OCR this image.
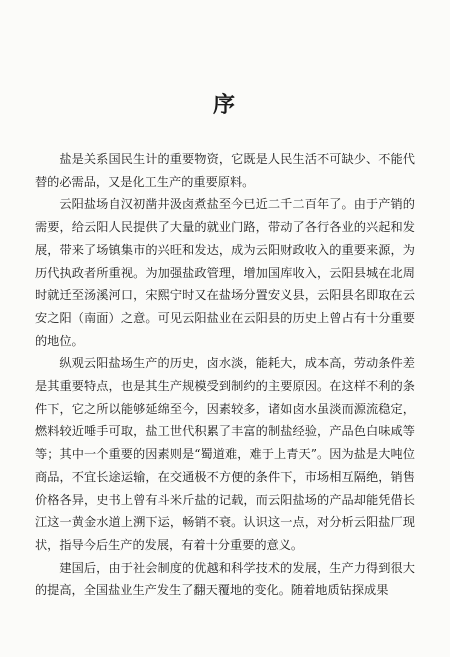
序

盐是关系国民生计的重要物资，它既是人民生活不可缺少、不能代替的必需品，又是化工生产的重要原料。

云阳盐场自汉初凿井汲卤煮盐至今已近二千二百年了。由于产销的需要，给云阳人民提供了大量的就业门路，带动了各行各业的兴起和发展，带来了场镇集市的兴旺和发达，成为云阳财政收入的重要来源，为历代执政者所重视。为加强盐政管理，增加国库收入，云阳县城在北周时就迁至汤溪河口，宋熙宁时又在盐场分置安义县，云阳县名即取在云安之阳（南面）之意。可见云阳盐业在云阳县的历史上曾占有十分重要的地位。

纵观云阳盐场生产的历史，卤水淡，能耗大，成本高，劳动条件差是其重要特点，也是其生产规模受到制约的主要原因。在这样不利的条件下，它之所以能够延绵至今，因素较多，诸如卤水虽淡而源流稳定，燃料较近唾手可取，盐工世代积累了丰富的制盐经验，产品色白味咸等等；其中一个重要的因素则是“蜀道难，难于上青天”。因为盐是大吨位商品，不宜长途运输，在交通极不方便的条件下，市场相互隔绝，销售价格各异，史书上曾有斗米斤盐的记载，而云阳盐场的产品却能凭借长江这一黄金水道上溯下运，畅销不衰。认识这一点，对分析云阳盐厂现状，指导今后生产的发展，有着十分重要的意义。

建国后，由于社会制度的优越和科学技术的发展，生产力得到很大的提高，全国盐业生产发生了翻天覆地的变化。随着地质钻探成果
